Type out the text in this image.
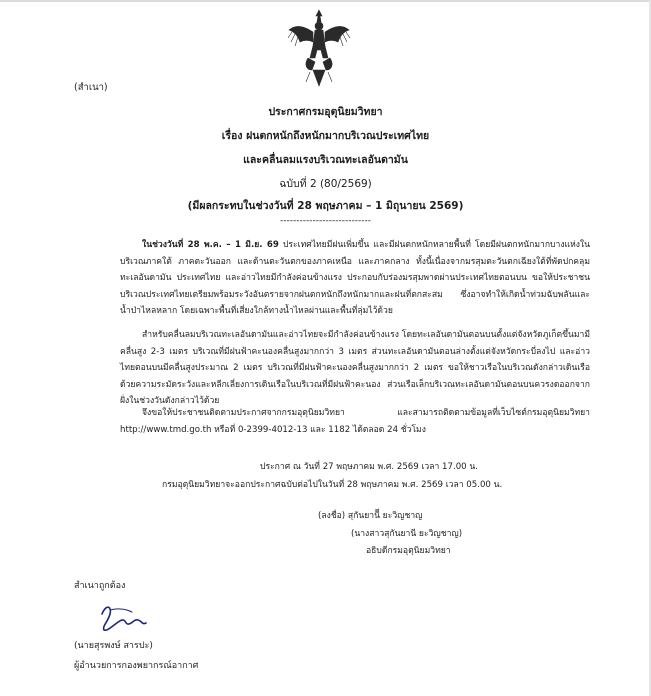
(สำเนา)
ประกาศกรมอุตุนิยมวิทยา
เรื่อง ฝนตกหนักถึงหนักมากบริเวณประเทศไทย
และคลื่นลมแรงบริเวณทะเลอันดามัน
ฉบับที่ 2 (80/2569)
(มีผลกระทบในช่วงวันที่ 28 พฤษภาคม – 1 มิถุนายน 2569)
----------------------------
ในช่วงวันที่ 28 พ.ค. – 1 มิ.ย. 69 ประเทศไทยมีฝนเพิ่มขึ้น และมีฝนตกหนักหลายพื้นที่ โดยมีฝนตกหนักมากบางแห่งในบริเวณภาคใต้ ภาคตะวันออก และด้านตะวันตกของภาคเหนือ และภาคกลาง ทั้งนี้เนื่องจากมรสุมตะวันตกเฉียงใต้ที่พัดปกคลุมทะเลอันดามัน ประเทศไทย และอ่าวไทยมีกำลังค่อนข้างแรง ประกอบกับร่องมรสุมพาดผ่านประเทศไทยตอนบน ขอให้ประชาชนบริเวณประเทศไทยเตรียมพร้อมระวังอันตรายจากฝนตกหนักถึงหนักมากและฝนที่ตกสะสม ซึ่งอาจทำให้เกิดน้ำท่วมฉับพลันและน้ำป่าไหลหลาก โดยเฉพาะพื้นที่เสี่ยงใกล้ทางน้ำไหลผ่านและพื้นที่ลุ่มไว้ด้วย
สำหรับคลื่นลมบริเวณทะเลอันดามันและอ่าวไทยจะมีกำลังค่อนข้างแรง โดยทะเลอันดามันตอนบนตั้งแต่จังหวัดภูเก็ตขึ้นมามีคลื่นสูง 2-3 เมตร บริเวณที่มีฝนฟ้าคะนองคลื่นสูงมากกว่า 3 เมตร ส่วนทะเลอันดามันตอนล่างตั้งแต่จังหวัดกระบี่ลงไป และอ่าวไทยตอนบนมีคลื่นสูงประมาณ 2 เมตร บริเวณที่มีฝนฟ้าคะนองคลื่นสูงมากกว่า 2 เมตร ขอให้ชาวเรือในบริเวณดังกล่าวเดินเรือด้วยความระมัดระวังและหลีกเลี่ยงการเดินเรือในบริเวณที่มีฝนฟ้าคะนอง ส่วนเรือเล็กบริเวณทะเลอันดามันตอนบนควรงดออกจากฝั่งในช่วงวันดังกล่าวไว้ด้วย
จึงขอให้ประชาชนติดตามประกาศจากกรมอุตุนิยมวิทยา และสามารถติดตามข้อมูลที่เว็บไซต์กรมอุตุนิยมวิทยา http://www.tmd.go.th หรือที่ 0-2399-4012-13 และ 1182 ได้ตลอด 24 ชั่วโมง
ประกาศ ณ วันที่ 27 พฤษภาคม พ.ศ. 2569 เวลา 17.00 น.
กรมอุตุนิยมวิทยาจะออกประกาศฉบับต่อไปในวันที่ 28 พฤษภาคม พ.ศ. 2569 เวลา 05.00 น.
(ลงชื่อ) สุกันยานีี ยะวิญชาญ
(นางสาวสุกันยานี ยะวิญชาญ)
อธิบดีกรมอุตุนิยมวิทยา
สำเนาถูกต้อง
(นายสุรพงษ์ สารปะ)
ผู้อำนวยการกองพยากรณ์อากาศ
